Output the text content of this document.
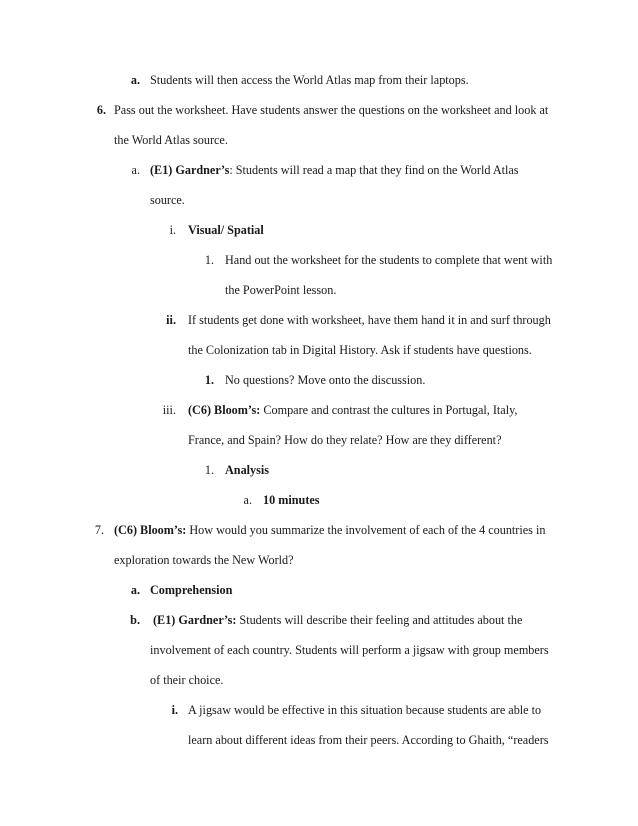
a. Students will then access the World Atlas map from their laptops.
6. Pass out the worksheet. Have students answer the questions on the worksheet and look at
the World Atlas source.
a. (E1) Gardner’s: Students will read a map that they find on the World Atlas
source.
i. Visual/ Spatial
1. Hand out the worksheet for the students to complete that went with
the PowerPoint lesson.
ii. If students get done with worksheet, have them hand it in and surf through
the Colonization tab in Digital History. Ask if students have questions.
1. No questions? Move onto the discussion.
iii. (C6) Bloom’s: Compare and contrast the cultures in Portugal, Italy,
France, and Spain? How do they relate? How are they different?
1. Analysis
a. 10 minutes
7. (C6) Bloom’s: How would you summarize the involvement of each of the 4 countries in
exploration towards the New World?
a. Comprehension
b. (E1) Gardner’s: Students will describe their feeling and attitudes about the
involvement of each country. Students will perform a jigsaw with group members
of their choice.
i. A jigsaw would be effective in this situation because students are able to
learn about different ideas from their peers. According to Ghaith, “readers
